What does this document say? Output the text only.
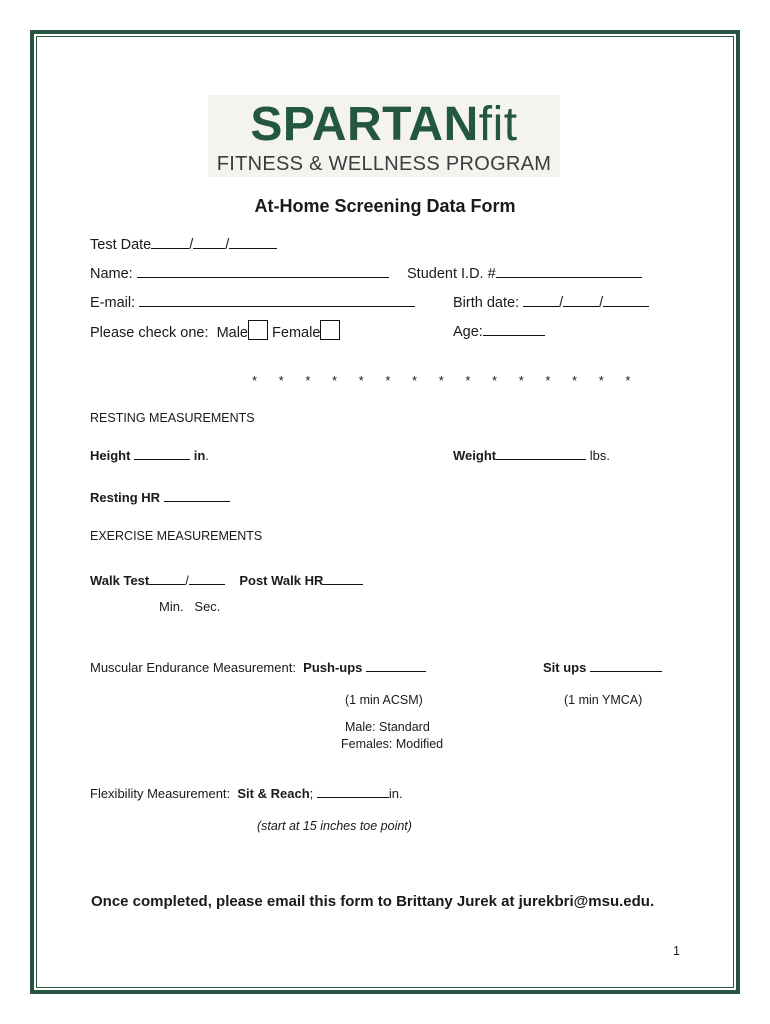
SPARTANfit
FITNESS & WELLNESS PROGRAM
At-Home Screening Data Form
Test Date	/ /
Name:	Student I.D. #
E-mail:	Birth date:	/ /
Please check one: Male Female	Age:
* * * * * * * * * * * * * * *
RESTING MEASUREMENTS
Height	in.	Weight	lbs.
Resting HR
EXERCISE MEASUREMENTS
Walk Test	/	Post Walk HR
Min. Sec.
Muscular Endurance Measurement: Push-ups	Sit ups
(1 min ACSM)	(1 min YMCA)
Male: Standard
Females: Modified
Flexibility Measurement: Sit & Reach;	in.
(start at 15 inches toe point)
Once completed, please email this form to Brittany Jurek at jurekbri@msu.edu.
1
